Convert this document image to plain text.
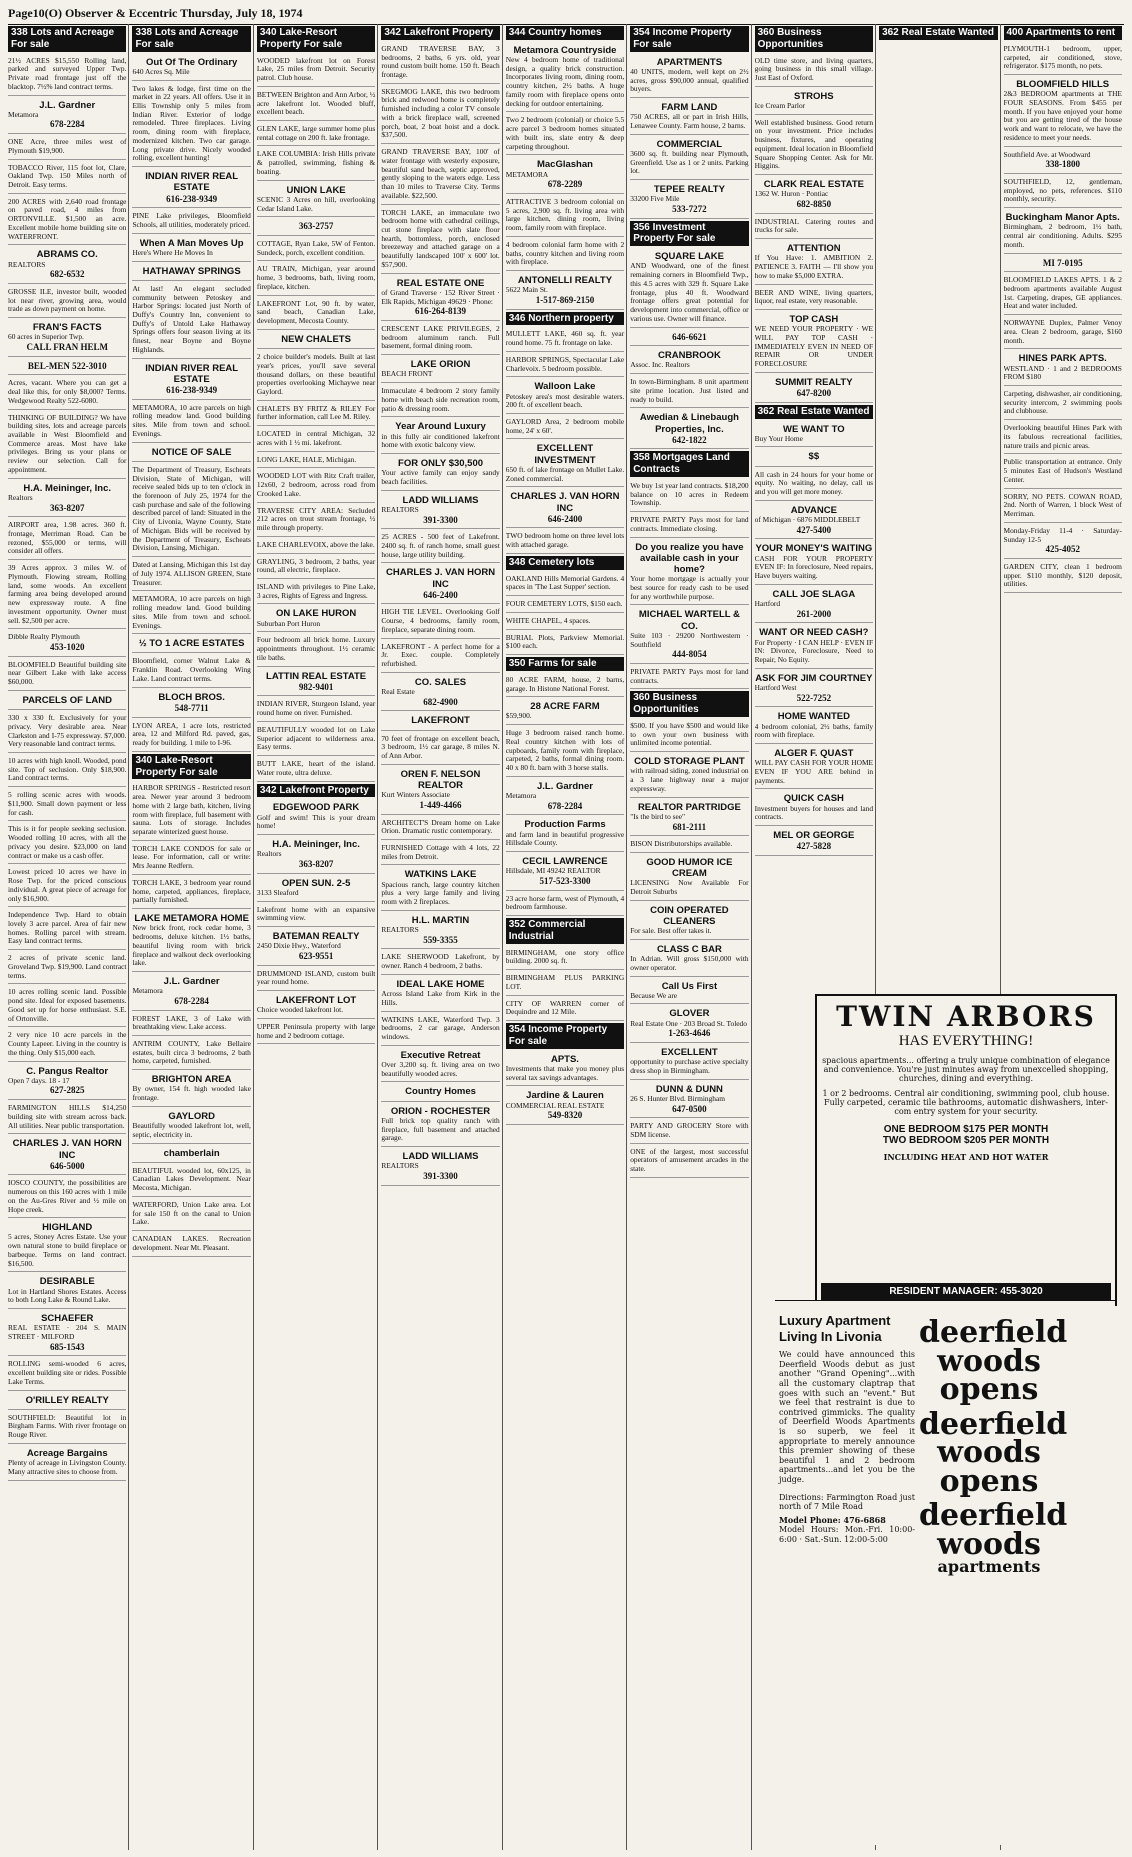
Page10(O) Observer & Eccentric Thursday, July 18, 1974
338 Lots and Acreage For sale
21½ ACRES $15,550 Rolling land, parked and surveyed Upper Twp. Private road frontage just off the blacktop. 7½% land contract terms.
J.L. Gardner
Metamora
678-2284
ONE Acre, three miles west of Plymouth $19,900.
TOBACCO River, 115 foot lot, Clare, Oakland Twp. 150 Miles north of Detroit. Easy terms.
200 ACRES with 2,640 road frontage on paved road, 4 miles from ORTONVILLE. $1,500 an acre. Excellent mobile home building site on WATERFRONT.
ABRAMS CO.
REALTORS
682-6532
GROSSE ILE, investor built, wooded lot near river, growing area, would trade as down payment on home.
FRAN'S FACTS
60 acres in Superior Twp.
CALL FRAN HELM
BEL-MEN 522-3010
Acres, vacant. Where you can get a deal like this, for only $8,000? Terms. Wedgewood Realty 522-6080.
THINKING OF BUILDING? We have building sites, lots and acreage parcels available in West Bloomfield and Commerce areas. Most have lake privileges. Bring us your plans or review our selection. Call for appointment.
H.A. Meininger, Inc.
Realtors
363-8207
AIRPORT area, 1.98 acres. 360 ft. frontage, Merriman Road. Can be rezoned, $55,000 or terms, will consider all offers.
39 Acres approx. 3 miles W. of Plymouth. Flowing stream, Rolling land, some woods. An excellent farming area being developed around new expressway route. A fine investment opportunity. Owner must sell. $2,500 per acre.
Dibble Realty Plymouth
453-1020
BLOOMFIELD Beautiful building site near Gilbert Lake with lake access $60,000.
PARCELS OF LAND
330 x 330 ft. Exclusively for your privacy. Very desirable area. Near Clarkston and I-75 expressway. $7,000. Very reasonable land contract terms.
10 acres with high knoll. Wooded, pond site. Top of seclusion. Only $18,900. Land contract terms.
5 rolling scenic acres with woods. $11,900. Small down payment or less for cash.
This is it for people seeking seclusion. Wooded rolling 10 acres, with all the privacy you desire. $23,000 on land contract or make us a cash offer.
Lowest priced 10 acres we have in Rose Twp. for the priced conscious individual. A great piece of acreage for only $16,900.
Independence Twp. Hard to obtain lovely 3 acre parcel. Area of fair new homes. Rolling parcel with stream. Easy land contract terms.
2 acres of private scenic land. Groveland Twp. $19,900. Land contract terms.
10 acres rolling scenic land. Possible pond site. Ideal for exposed basements. Good set up for horse enthusiast. S.E. of Ortonville.
2 very nice 10 acre parcels in the County Lapeer. Living in the country is the thing. Only $15,000 each.
C. Pangus Realtor
Open 7 days. 18 - 17
627-2825
FARMINGTON HILLS $14,250 building site with stream across back. All utilities. Near public transportation.
CHARLES J. VAN HORN INC
646-5000
IOSCO COUNTY, the possibilities are numerous on this 160 acres with 1 mile on the Au-Gres River and ½ mile on Hope creek.
HIGHLAND
5 acres, Stoney Acres Estate. Use your own natural stone to build fireplace or barbeque. Terms on land contract. $16,500.
DESIRABLE
Lot in Hartland Shores Estates. Access to both Long Lake & Round Lake.
SCHAEFER
REAL ESTATE · 204 S. MAIN STREET · MILFORD
685-1543
ROLLING semi-wooded 6 acres, excellent building site or rides. Possible Lake Terms.
O'RILLEY REALTY
SOUTHFIELD: Beautiful lot in Birgham Farms. With river frontage on Rouge River.
Acreage Bargains
Plenty of acreage in Livingston County. Many attractive sites to choose from.
338 Lots and Acreage For sale
Out Of The Ordinary
640 Acres Sq. Mile
Two lakes & lodge, first time on the market in 22 years. All offers. Use it in Ellis Township only 5 miles from Indian River. Exterior of lodge remodeled. Three fireplaces. Living room, dining room with fireplace, modernized kitchen. Two car garage. Long private drive. Nicely wooded rolling, excellent hunting!
INDIAN RIVER REAL ESTATE
616-238-9349
PINE Lake privileges, Bloomfield Schools, all utilities, moderately priced.
When A Man Moves Up
Here's Where He Moves In
HATHAWAY SPRINGS
At last! An elegant secluded community between Petoskey and Harbor Springs: located just North of Duffy's Country Inn, convenient to Duffy's of Untold Lake Hathaway Springs offers four season living at its finest, near Boyne and Boyne Highlands.
INDIAN RIVER REAL ESTATE
616-238-9349
METAMORA, 10 acre parcels on high rolling meadow land. Good building sites. Mile from town and school. Evenings.
NOTICE OF SALE
The Department of Treasury, Escheats Division, State of Michigan, will receive sealed bids up to ten o'clock in the forenoon of July 25, 1974 for the cash purchase and sale of the following described parcel of land: Situated in the City of Livonia, Wayne County, State of Michigan. Bids will be received by the Department of Treasury, Escheats Division, Lansing, Michigan.
Dated at Lansing, Michigan this 1st day of July 1974. ALLISON GREEN, State Treasurer.
METAMORA, 10 acre parcels on high rolling meadow land. Good building sites. Mile from town and school. Evenings.
½ TO 1 ACRE ESTATES
Bloomfield, corner Walnut Lake & Franklin Road. Overlooking Wing Lake. Land contract terms.
BLOCH BROS.
548-7711
LYON AREA, 1 acre lots, restricted area, 12 and Milford Rd. paved, gas, ready for building. 1 mile to I-96.
340 Lake-Resort Property For sale
HARBOR SPRINGS - Restricted resort area. Newer year around 3 bedroom home with 2 large bath, kitchen, living room with fireplace, full basement with sauna. Lots of storage. Includes separate winterized guest house.
TORCH LAKE CONDOS for sale or lease. For information, call or write: Mrs Jeanne Redfern.
TORCH LAKE, 3 bedroom year round home, carpeted, appliances, fireplace, partially furnished.
LAKE METAMORA HOME
New brick front, rock cedar home, 3 bedrooms, deluxe kitchen. 1½ baths, beautiful living room with brick fireplace and walkout deck overlooking lake.
J.L. Gardner
Metamora
678-2284
FOREST LAKE, 3 of Lake with breathtaking view. Lake access.
ANTRIM COUNTY, Lake Bellaire estates, built circa 3 bedrooms, 2 bath home, carpeted, furnished.
BRIGHTON AREA
By owner, 154 ft. high wooded lake frontage.
GAYLORD
Beautifully wooded lakefront lot, well, septic, electricity in.
chamberlain
BEAUTIFUL wooded lot, 60x125, in Canadian Lakes Development. Near Mecosta, Michigan.
WATERFORD, Union Lake area. Lot for sale 150 ft on the canal to Union Lake.
CANADIAN LAKES. Recreation development. Near Mt. Pleasant.
340 Lake-Resort Property For sale
WOODED lakefront lot on Forest Lake, 25 miles from Detroit. Security patrol. Club house.
BETWEEN Brighton and Ann Arbor, ½ acre lakefront lot. Wooded bluff, excellent beach.
GLEN LAKE, large summer home plus rental cottage on 200 ft. lake frontage.
LAKE COLUMBIA: Irish Hills private & patrolled, swimming, fishing & boating.
UNION LAKE
SCENIC 3 Acres on hill, overlooking Cedar Island Lake.
363-2757
COTTAGE, Ryan Lake, 5W of Fenton. Sundeck, porch, excellent condition.
AU TRAIN, Michigan, year around home, 3 bedrooms, bath, living room, fireplace, kitchen.
LAKEFRONT Lot, 90 ft. by water, sand beach, Canadian Lake, development, Mecosta County.
NEW CHALETS
2 choice builder's models. Built at last year's prices, you'll save several thousand dollars, on these beautiful properties overlooking Michaywe near Gaylord.
CHALETS BY FRITZ & RILEY For further information, call Lee M. Riley.
LOCATED in central Michigan, 32 acres with 1 ½ mi. lakefront.
LONG LAKE, HALE, Michigan.
WOODED LOT with Ritz Craft trailer, 12x60, 2 bedroom, across road from Crooked Lake.
TRAVERSE CITY AREA: Secluded 212 acres on trout stream frontage, ½ mile through property.
LAKE CHARLEVOIX, above the lake.
GRAYLING, 3 bedroom, 2 baths, year round, all electric, fireplace.
ISLAND with privileges to Pine Lake, 3 acres, Rights of Egress and Ingress.
ON LAKE HURON
Suburban Port Huron
Four bedroom all brick home. Luxury appointments throughout. 1½ ceramic tile baths.
LATTIN REAL ESTATE
982-9401
INDIAN RIVER, Sturgeon Island, year round home on river. Furnished.
BEAUTIFULLY wooded lot on Lake Superior adjacent to wilderness area. Easy terms.
BUTT LAKE, heart of the island. Water route, ultra deluxe.
342 Lakefront Property
EDGEWOOD PARK
Golf and swim! This is your dream home!
H.A. Meininger, Inc.
Realtors
363-8207
OPEN SUN. 2-5
3133 Sleaford
Lakefront home with an expansive swimming view.
BATEMAN REALTY
2450 Dixie Hwy., Waterford
623-9551
DRUMMOND ISLAND, custom built year round home.
LAKEFRONT LOT
Choice wooded lakefront lot.
UPPER Peninsula property with large home and 2 bedroom cottage.
342 Lakefront Property
GRAND TRAVERSE BAY, 3 bedrooms, 2 baths, 6 yrs. old, year round custom built home. 150 ft. Beach frontage.
SKEGMOG LAKE, this two bedroom brick and redwood home is completely furnished including a color TV console with a brick fireplace wall, screened porch, boat, 2 boat hoist and a dock. $37,500.
GRAND TRAVERSE BAY, 100' of water frontage with westerly exposure, beautiful sand beach, septic approved, gently sloping to the waters edge. Less than 10 miles to Traverse City. Terms available. $22,500.
TORCH LAKE, an immaculate two bedroom home with cathedral ceilings, cut stone fireplace with slate floor hearth, bottomless, porch, enclosed breezeway and attached garage on a beautifully landscaped 100' x 600' lot. $57,900.
REAL ESTATE ONE
of Grand Traverse · 152 River Street · Elk Rapids, Michigan 49629 · Phone:
616-264-8139
CRESCENT LAKE PRIVILEGES, 2 bedroom aluminum ranch. Full basement, formal dining room.
LAKE ORION
BEACH FRONT
Immaculate 4 bedroom 2 story family home with beach side recreation room, patio & dressing room.
Year Around Luxury
in this fully air conditioned lakefront home with exotic balcony view.
FOR ONLY $30,500
Your active family can enjoy sandy beach facilities.
LADD WILLIAMS
REALTORS
391-3300
25 ACRES - 500 feet of Lakefront. 2400 sq. ft. of ranch home, small guest house, large utility building.
CHARLES J. VAN HORN INC
646-2400
HIGH TIE LEVEL. Overlooking Golf Course, 4 bedrooms, family room, fireplace, separate dining room.
LAKEFRONT - A perfect home for a Jr. Exec. couple. Completely refurbished.
CO. SALES
Real Estate
682-4900
LAKEFRONT
70 feet of frontage on excellent beach, 3 bedroom, 1½ car garage, 8 miles N. of Ann Arbor.
OREN F. NELSON REALTOR
Kurt Winters Associate
1-449-4466
ARCHITECT'S Dream home on Lake Orion. Dramatic rustic contemporary.
FURNISHED Cottage with 4 lots, 22 miles from Detroit.
WATKINS LAKE
Spacious ranch, large country kitchen plus a very large family and living room with 2 fireplaces.
H.L. MARTIN
REALTORS
559-3355
LAKE SHERWOOD Lakefront, by owner. Ranch 4 bedroom, 2 baths.
IDEAL LAKE HOME
Across Island Lake from Kirk in the Hills.
WATKINS LAKE, Waterford Twp. 3 bedrooms, 2 car garage, Anderson windows.
Executive Retreat
Over 3,200 sq. ft. living area on two beautifully wooded acres.
Country Homes
ORION - ROCHESTER
Full brick top quality ranch with fireplace, full basement and attached garage.
LADD WILLIAMS
REALTORS
391-3300
344 Country homes
Metamora Countryside
New 4 bedroom home of traditional design, a quality brick construction. Incorporates living room, dining room, country kitchen, 2½ baths. A huge family room with fireplace opens onto decking for outdoor entertaining.
Two 2 bedroom (colonial) or choice 5.5 acre parcel 3 bedroom homes situated with built ins, slate entry & deep carpeting throughout.
MacGlashan
METAMORA
678-2289
ATTRACTIVE 3 bedroom colonial on 5 acres, 2,900 sq. ft. living area with large kitchen, dining room, living room, family room with fireplace.
4 bedroom colonial farm home with 2 baths, country kitchen and living room with fireplace.
ANTONELLI REALTY
5622 Main St.
1-517-869-2150
346 Northern property
MULLETT LAKE, 460 sq. ft. year round home. 75 ft. frontage on lake.
HARBOR SPRINGS, Spectacular Lake Charlevoix. 5 bedroom possible.
Walloon Lake
Petoskey area's most desirable waters. 200 ft. of excellent beach.
GAYLORD Area, 2 bedroom mobile home, 24' x 60'.
EXCELLENT INVESTMENT
650 ft. of lake frontage on Mullet Lake. Zoned commercial.
CHARLES J. VAN HORN INC
646-2400
TWO bedroom home on three level lots with attached garage.
348 Cemetery lots
OAKLAND Hills Memorial Gardens. 4 spaces in 'The Last Supper' section.
FOUR CEMETERY LOTS, $150 each.
WHITE CHAPEL, 4 spaces.
BURIAL Plots, Parkview Memorial. $100 each.
350 Farms for sale
80 ACRE FARM, house, 2 barns, garage. In Histone National Forest.
28 ACRE FARM
$59,900.
Huge 3 bedroom raised ranch home. Real country kitchen with lots of cupboards, family room with fireplace, carpeted, 2 baths, formal dining room. 40 x 80 ft. barn with 3 horse stalls.
J.L. Gardner
Metamora
678-2284
Production Farms
and farm land in beautiful progressive Hillsdale County.
CECIL LAWRENCE
Hillsdale, MI 49242 REALTOR
517-523-3300
23 acre horse farm, west of Plymouth, 4 bedroom farmhouse.
352 Commercial Industrial
BIRMINGHAM, one story office building. 2000 sq. ft.
BIRMINGHAM PLUS PARKING LOT.
CITY OF WARREN corner of Dequindre and 12 Mile.
354 Income Property For sale
APTS.
Investments that make you money plus several tax savings advantages.
Jardine & Lauren
COMMERCIAL REAL ESTATE
549-8320
354 Income Property For sale
APARTMENTS
40 UNITS, modern, well kept on 2½ acres, gross $90,000 annual, qualified buyers.
FARM LAND
750 ACRES, all or part in Irish Hills, Lenawee County. Farm house, 2 barns.
COMMERCIAL
3600 sq. ft. building near Plymouth, Greenfield. Use as 1 or 2 units. Parking lot.
TEPEE REALTY
33200 Five Mile
533-7272
356 Investment Property For sale
SQUARE LAKE
AND Woodward, one of the finest remaining corners in Bloomfield Twp., this 4.5 acres with 329 ft. Square Lake frontage, plus 40 ft. Woodward frontage offers great potential for development into commercial, office or various use. Owner will finance.
646-6621
CRANBROOK
Assoc. Inc. Realtors
In town-Birmingham. 8 unit apartment site prime location. Just listed and ready to build.
Awedian & Linebaugh Properties, Inc.
642-1822
358 Mortgages Land Contracts
We buy 1st year land contracts. $18,200 balance on 10 acres in Redeem Township.
PRIVATE PARTY Pays most for land contracts. Immediate closing.
Do you realize you have available cash in your home?
Your home mortgage is actually your best source for ready cash to be used for any worthwhile purpose.
MICHAEL WARTELL & CO.
Suite 103 · 29200 Northwestern · Southfield
444-8054
PRIVATE PARTY Pays most for land contracts.
360 Business Opportunities
$500. If you have $500 and would like to own your own business with unlimited income potential.
COLD STORAGE PLANT
with railroad siding, zoned industrial on a 3 lane highway near a major expressway.
REALTOR PARTRIDGE
"Is the bird to see"
681-2111
BISON Distributorships available.
GOOD HUMOR ICE CREAM
LICENSING Now Available For Detroit Suburbs
COIN OPERATED CLEANERS
For sale. Best offer takes it.
CLASS C BAR
In Adrian. Will gross $150,000 with owner operator.
Call Us First
Because We are
GLOVER
Real Estate One · 203 Broad St. Toledo
1-263-4646
EXCELLENT
opportunity to purchase active specialty dress shop in Birmingham.
DUNN & DUNN
26 S. Hunter Blvd. Birmingham
647-0500
PARTY AND GROCERY Store with SDM license.
ONE of the largest, most successful operators of amusement arcades in the state.
360 Business Opportunities
OLD time store, and living quarters, going business in this small village. Just East of Oxford.
STROHS
Ice Cream Parlor
Well established business. Good return on your investment. Price includes business, fixtures, and operating equipment. Ideal location in Bloomfield Square Shopping Center. Ask for Mr. Higgins.
CLARK REAL ESTATE
1362 W. Huron · Pontiac
682-8850
INDUSTRIAL Catering routes and trucks for sale.
ATTENTION
If You Have: 1. AMBITION 2. PATIENCE 3. FAITH — I'll show you how to make $5,000 EXTRA.
BEER AND WINE, living quarters, liquor, real estate, very reasonable.
TOP CASH
WE NEED YOUR PROPERTY · WE WILL PAY TOP CASH · IMMEDIATELY EVEN IN NEED OF REPAIR OR UNDER FORECLOSURE
SUMMIT REALTY
647-8200
362 Real Estate Wanted
WE WANT TO
Buy Your Home
$$
All cash in 24 hours for your home or equity. No waiting, no delay, call us and you will get more money.
ADVANCE
of Michigan · 6876 MIDDLEBELT
427-5400
YOUR MONEY'S WAITING
CASH FOR YOUR PROPERTY EVEN IF: In foreclosure, Need repairs, Have buyers waiting.
CALL JOE SLAGA
Hartford
261-2000
WANT OR NEED CASH?
For Property · I CAN HELP · EVEN IF IN: Divorce, Foreclosure, Need to Repair, No Equity.
ASK FOR JIM COURTNEY
Hartford West
522-7252
HOME WANTED
4 bedroom colonial, 2½ baths, family room with fireplace.
ALGER F. QUAST
WILL PAY CASH FOR YOUR HOME EVEN IF YOU ARE behind in payments.
QUICK CASH
Investment buyers for houses and land contracts.
MEL OR GEORGE
427-5828
362 Real Estate Wanted	400 Apartments to rent
PLYMOUTH-1 bedroom, upper, carpeted, air conditioned, stove, refrigerator. $175 month, no pets.
BLOOMFIELD HILLS
2&3 BEDROOM apartments at THE FOUR SEASONS. From $455 per month. If you have enjoyed your home but you are getting tired of the house work and want to relocate, we have the residence to meet your needs.
Southfield Ave. at Woodward
338-1800
SOUTHFIELD, 12, gentleman, employed, no pets, references. $110 monthly, security.
Buckingham Manor Apts.
Birmingham, 2 bedroom, 1½ bath, central air conditioning. Adults. $295 month.
MI 7-0195
BLOOMFIELD LAKES APTS. 1 & 2 bedroom apartments available August 1st. Carpeting, drapes, GE appliances. Heat and water included.
NORWAYNE Duplex, Palmer Venoy area. Clean 2 bedroom, garage, $160 month.
HINES PARK APTS.
WESTLAND · 1 and 2 BEDROOMS FROM $180
Carpeting, dishwasher, air conditioning, security intercom, 2 swimming pools and clubhouse.
Overlooking beautiful Hines Park with its fabulous recreational facilities, nature trails and picnic areas.
Public transportation at entrance. Only 5 minutes East of Hudson's Westland Center.
SORRY, NO PETS. COWAN ROAD, 2nd. North of Warren, 1 block West of Merriman.
Monday-Friday 11-4 · Saturday-Sunday 12-5
425-4052
GARDEN CITY, clean 1 bedroom upper. $110 monthly, $120 deposit, utilities.
TWIN ARBORS
HAS EVERYTHING!
spacious apartments... offering a truly unique combination of elegance and convenience. You're just minutes away from unexcelled shopping, churches, dining and everything.
1 or 2 bedrooms. Central air conditioning, swimming pool, club house. Fully carpeted, ceramic tile bathrooms, automatic dishwashers, inter-com entry system for your security.
ONE BEDROOM $175 PER MONTH
TWO BEDROOM $205 PER MONTH
INCLUDING HEAT AND HOT WATER
RESIDENT MANAGER: 455-3020
Luxury Apartment Living In Livonia
We could have announced this Deerfield Woods debut as just another "Grand Opening"...with all the customary claptrap that goes with such an "event." But we feel that restraint is due to contrived gimmicks. The quality of Deerfield Woods Apartments is so superb, we feel it appropriate to merely announce this premier showing of these beautiful 1 and 2 bedroom apartments...and let you be the judge.
Directions: Farmington Road just north of 7 Mile Road
Model Phone: 476-6868
Model Hours: Mon.-Fri. 10:00-6:00 · Sat.-Sun. 12:00-5:00
deerfield
woods
opens
deerfield
woods
opens
deerfield
woods
apartments
